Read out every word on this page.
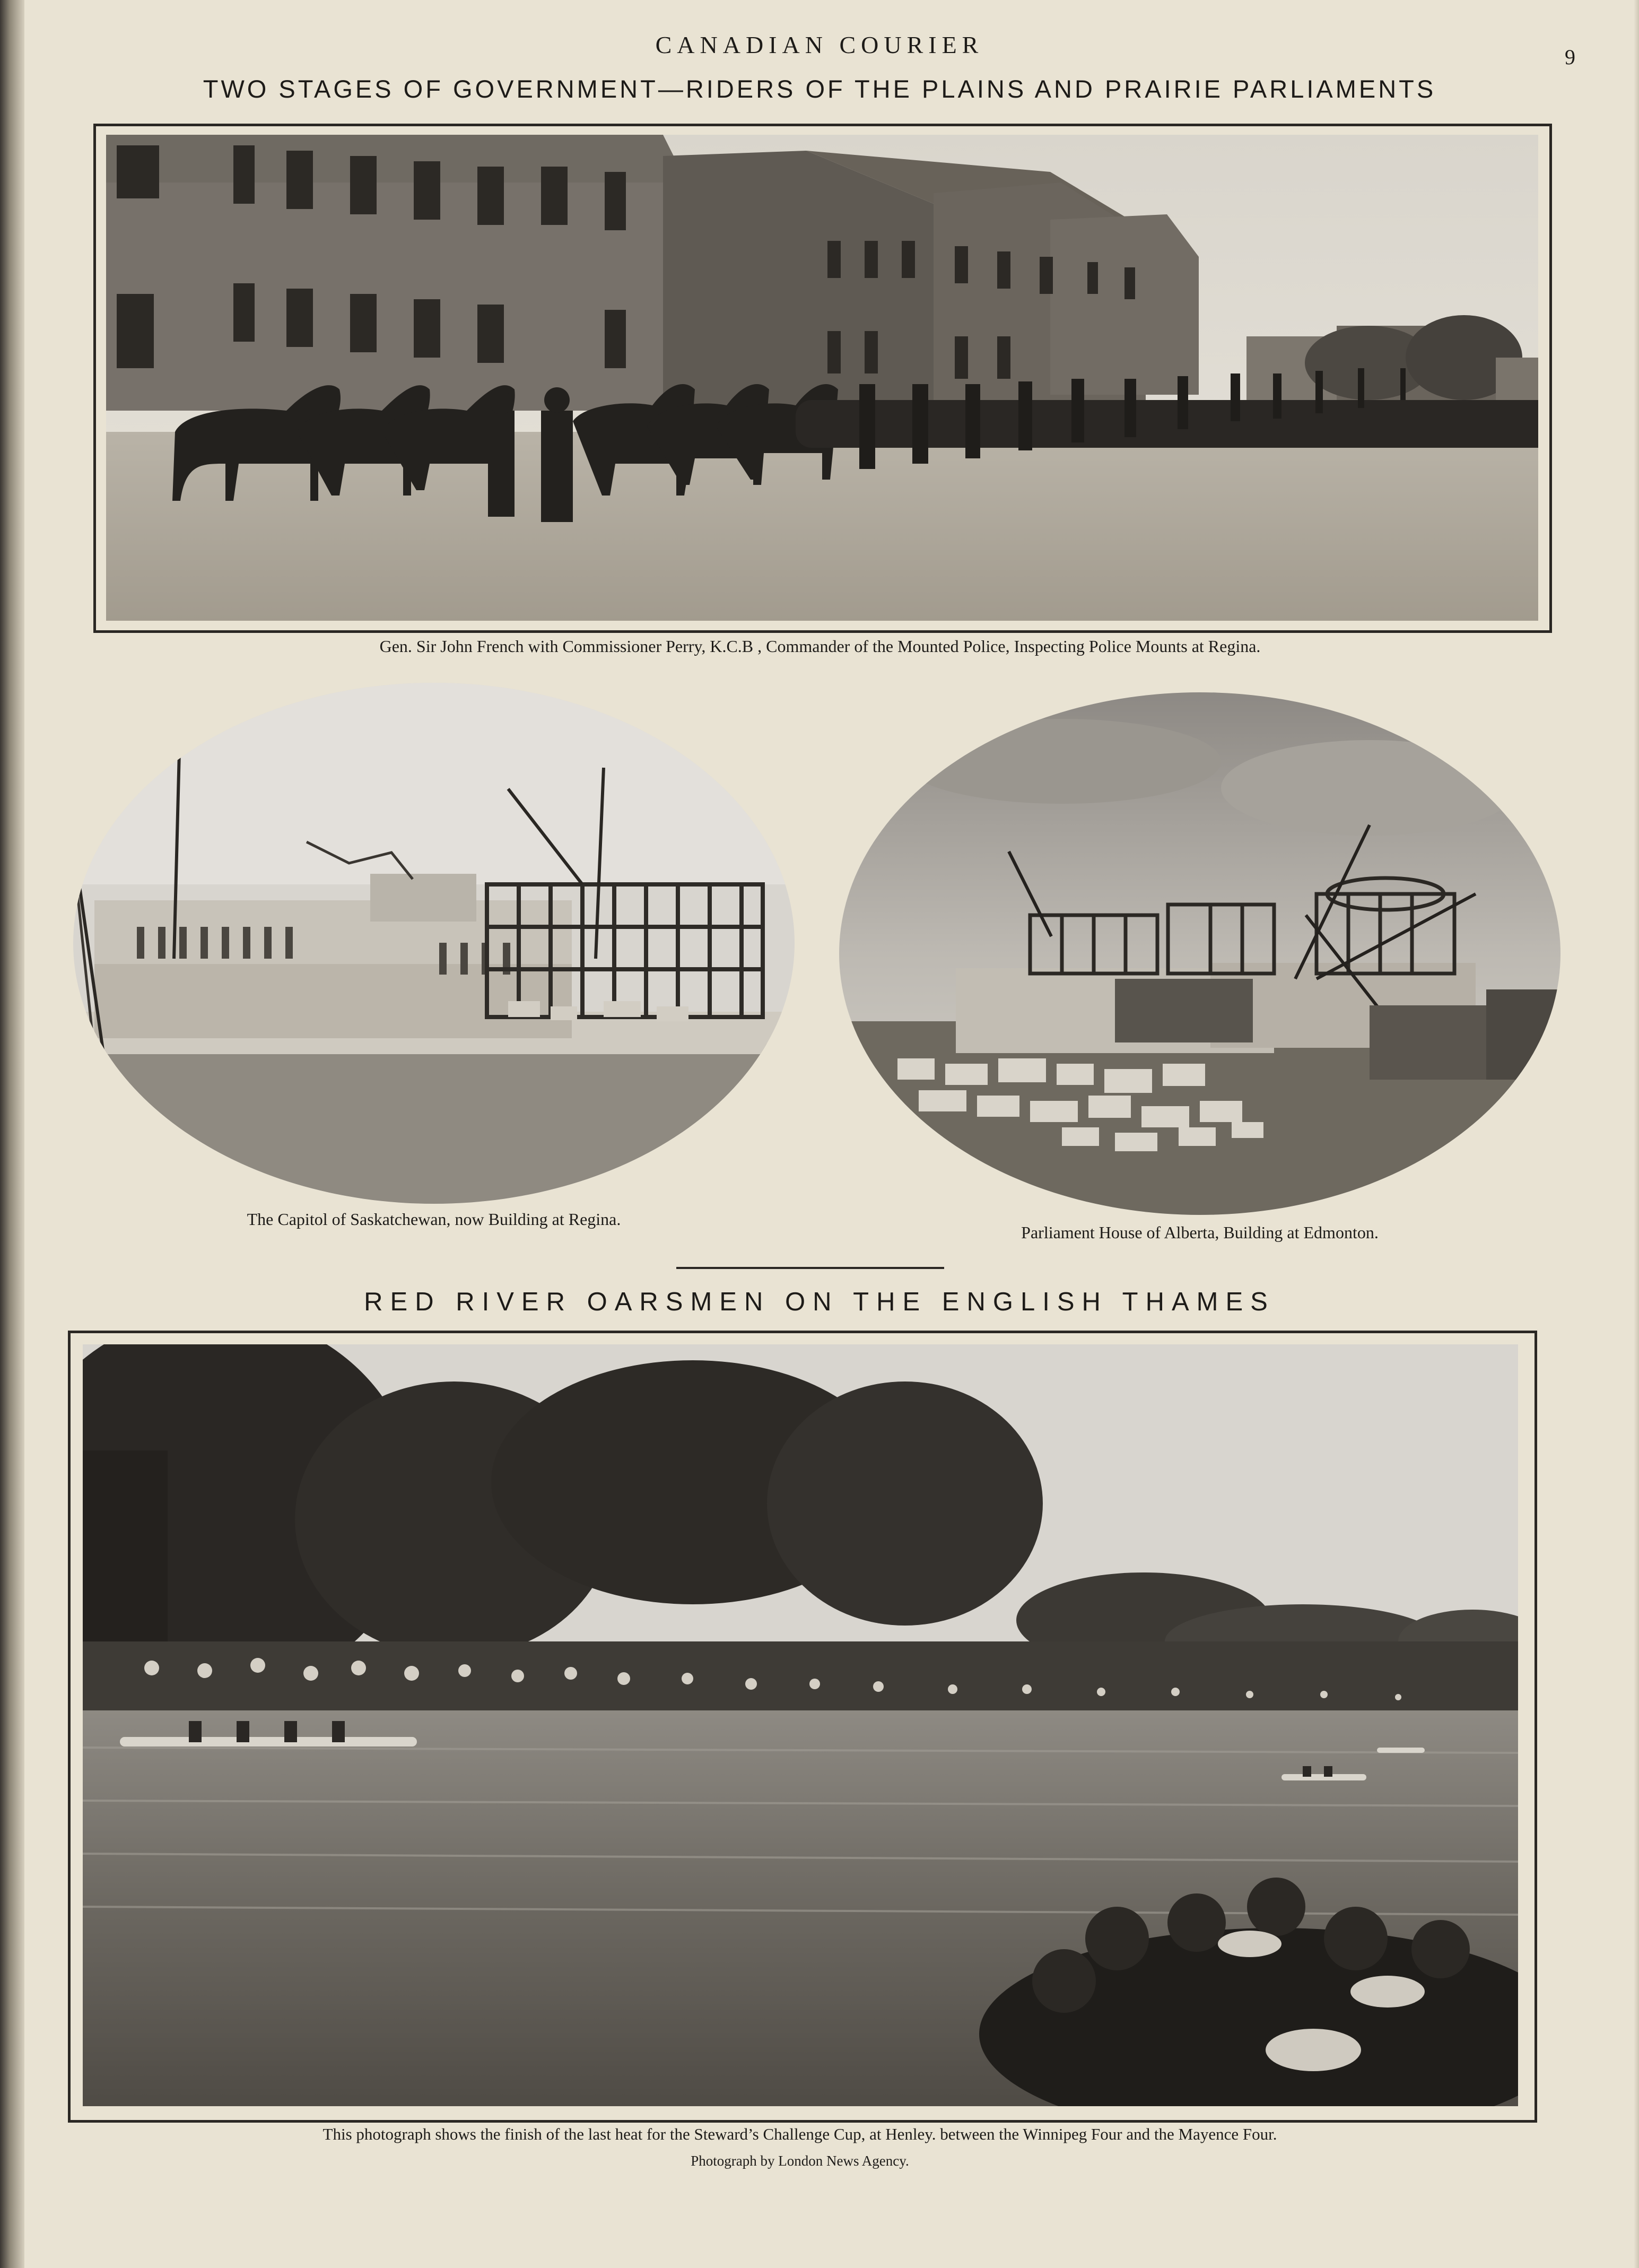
CANADIAN COURIER	9
TWO STAGES OF GOVERNMENT—RIDERS OF THE PLAINS AND PRAIRIE PARLIAMENTS
Gen. Sir John French with Commissioner Perry, K.C.B , Commander of the Mounted Police, Inspecting Police Mounts at Regina.
The Capitol of Saskatchewan, now Building at Regina.
Parliament House of Alberta, Building at Edmonton.
RED RIVER OARSMEN ON THE ENGLISH THAMES
This photograph shows the finish of the last heat for the Steward’s Challenge Cup, at Henley. between the Winnipeg Four and the Mayence Four.
Photograph by London News Agency.
